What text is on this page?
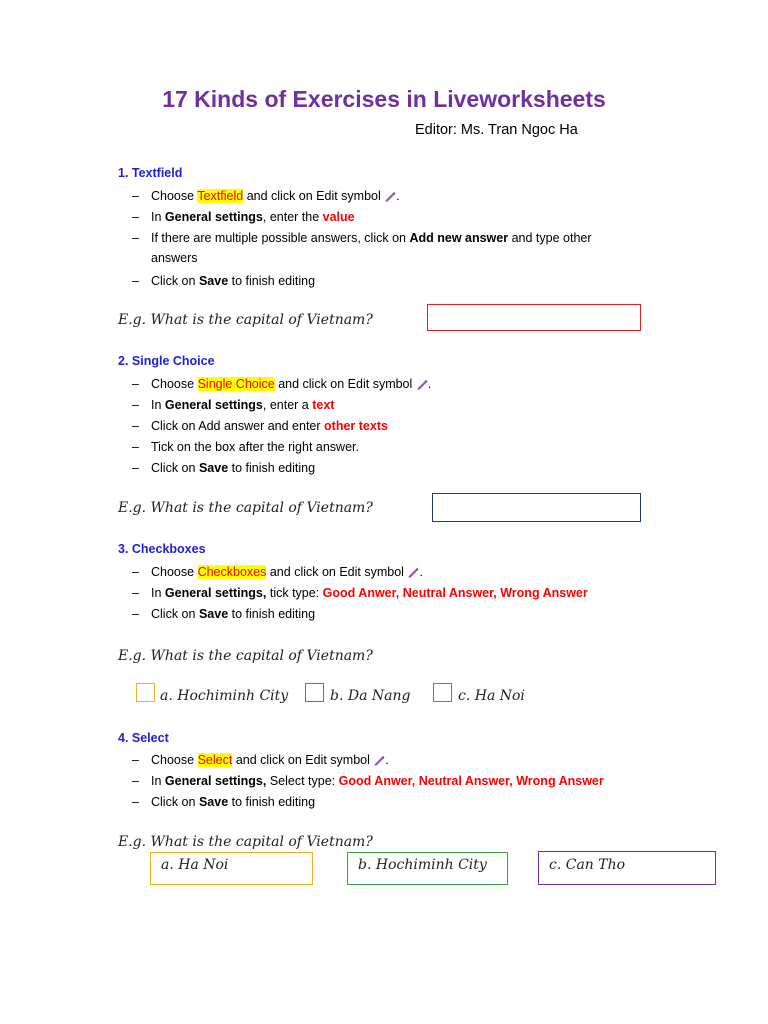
17 Kinds of Exercises in Liveworksheets
Editor: Ms. Tran Ngoc Ha
1. Textfield
– Choose Textfield and click on Edit symbol .
– In General settings, enter the value
– If there are multiple possible answers, click on Add new answer and type other answers
– Click on Save to finish editing
E.g. What is the capital of Vietnam?
2. Single Choice
– Choose Single Choice and click on Edit symbol .
– In General settings, enter a text
– Click on Add answer and enter other texts
– Tick on the box after the right answer.
– Click on Save to finish editing
E.g. What is the capital of Vietnam?
3. Checkboxes
– Choose Checkboxes and click on Edit symbol .
– In General settings, tick type: Good Anwer, Neutral Answer, Wrong Answer
– Click on Save to finish editing
E.g. What is the capital of Vietnam?
a. Hochiminh City	b. Da Nang	c. Ha Noi
4. Select
– Choose Select and click on Edit symbol .
– In General settings, Select type: Good Anwer, Neutral Answer, Wrong Answer
– Click on Save to finish editing
E.g. What is the capital of Vietnam?
a. Ha Noi	b. Hochiminh City	c. Can Tho
